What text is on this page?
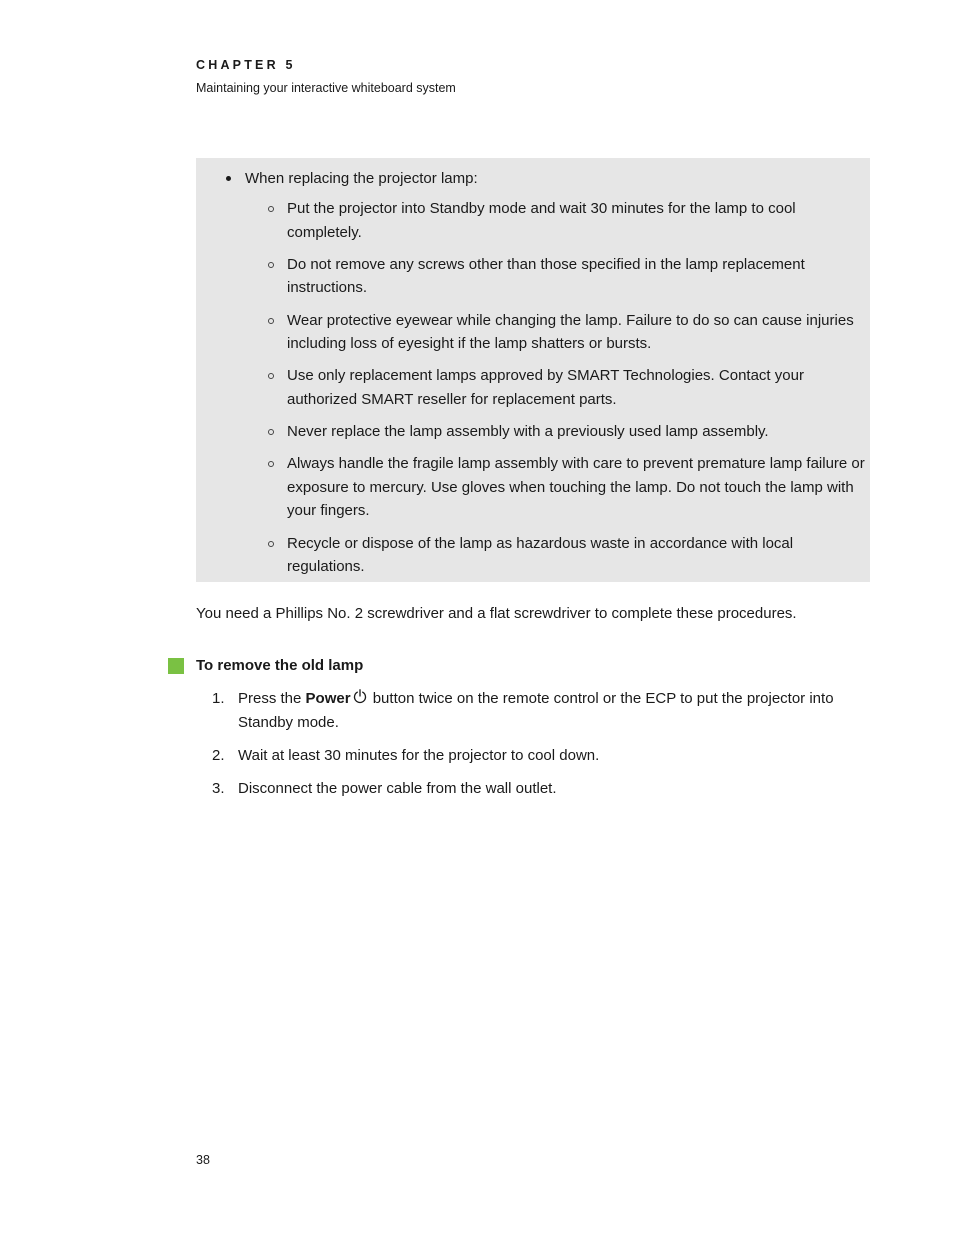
CHAPTER 5
Maintaining your interactive whiteboard system
When replacing the projector lamp:
Put the projector into Standby mode and wait 30 minutes for the lamp to cool completely.
Do not remove any screws other than those specified in the lamp replacement instructions.
Wear protective eyewear while changing the lamp. Failure to do so can cause injuries including loss of eyesight if the lamp shatters or bursts.
Use only replacement lamps approved by SMART Technologies. Contact your authorized SMART reseller for replacement parts.
Never replace the lamp assembly with a previously used lamp assembly.
Always handle the fragile lamp assembly with care to prevent premature lamp failure or exposure to mercury. Use gloves when touching the lamp. Do not touch the lamp with your fingers.
Recycle or dispose of the lamp as hazardous waste in accordance with local regulations.
You need a Phillips No. 2 screwdriver and a flat screwdriver to complete these procedures.
To remove the old lamp
1. Press the Power button twice on the remote control or the ECP to put the projector into Standby mode.
2. Wait at least 30 minutes for the projector to cool down.
3. Disconnect the power cable from the wall outlet.
38
